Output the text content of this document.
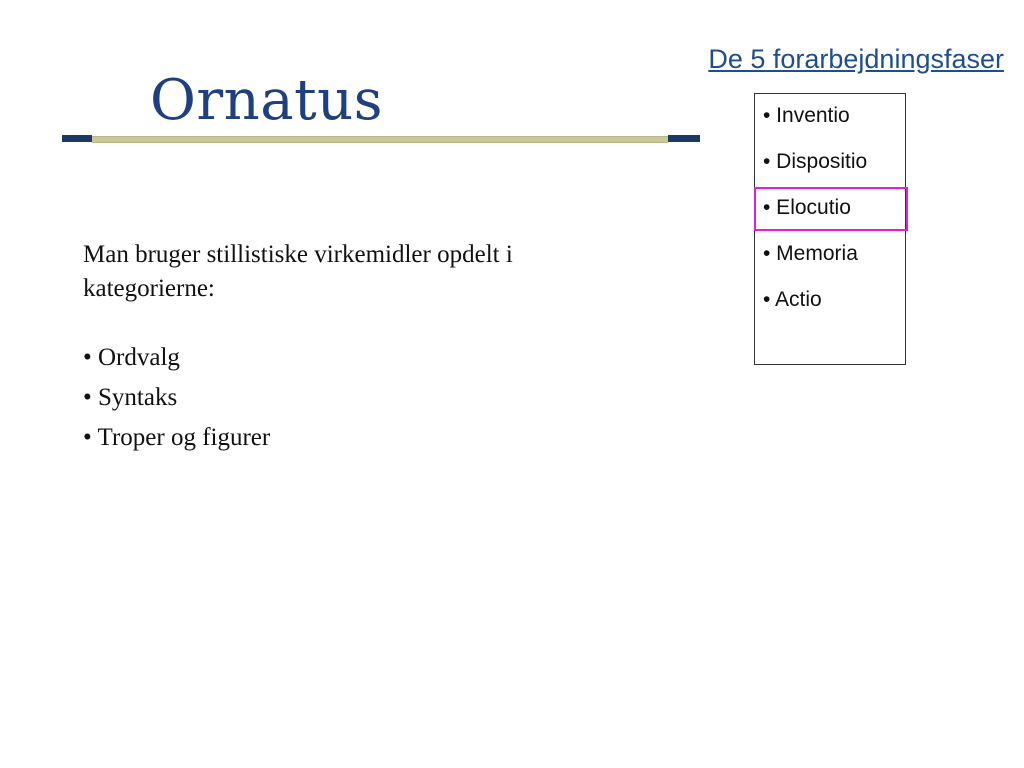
De 5 forarbejdningsfaser
Ornatus

Man bruger stillistiske virkemidler opdelt i kategorierne:

• Ordvalg
• Syntaks
• Troper og figurer
• Inventio
• Dispositio
• Elocutio
• Memoria
• Actio
